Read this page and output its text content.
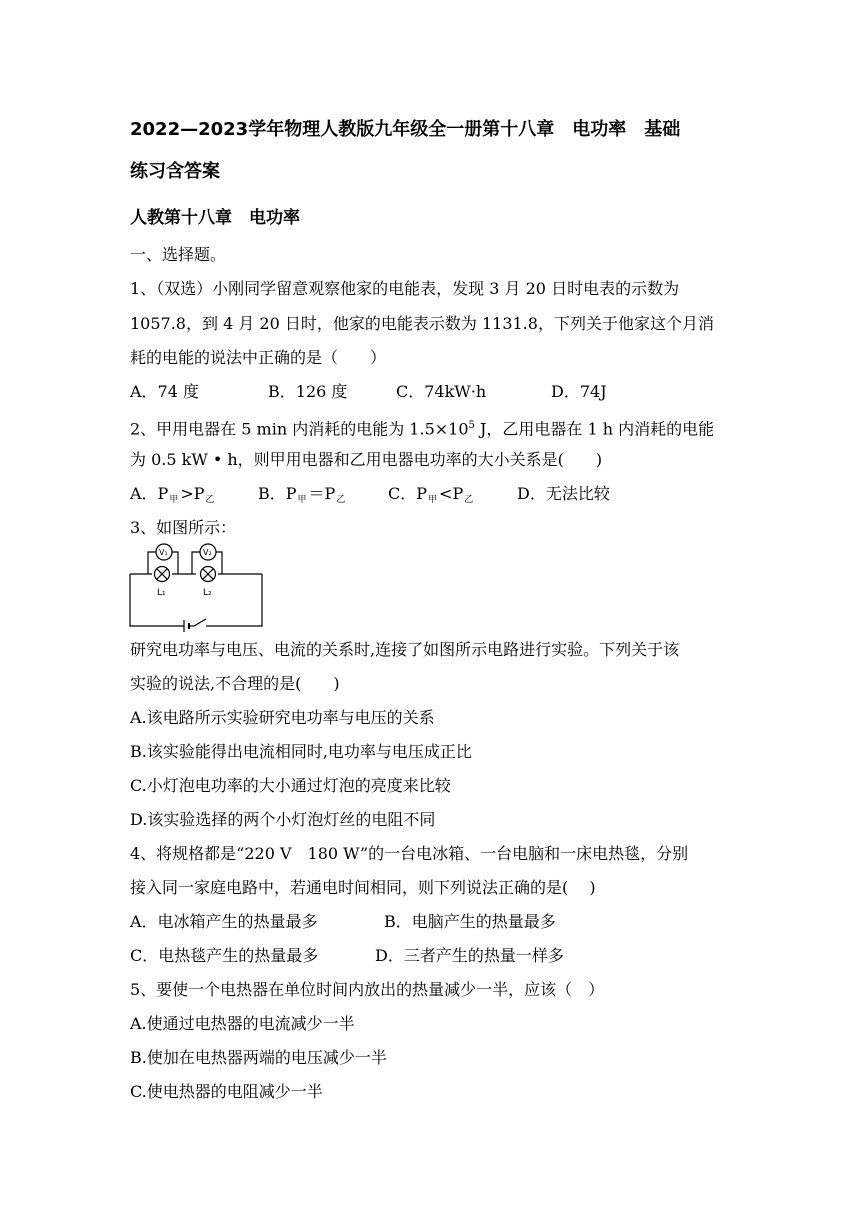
2022—2023学年物理人教版九年级全一册第十八章　电功率　基础
练习含答案
人教第十八章　电功率
一、选择题。
1、（双选）小刚同学留意观察他家的电能表，发现 3 月 20 日时电表的示数为
1057.8，到 4 月 20 日时，他家的电能表示数为 1131.8，下列关于他家这个月消
耗的电能的说法中正确的是（　　）
A．74 度	B．126 度	C．74kW·h	D．74J
2、甲用电器在 5 min 内消耗的电能为 $1.5\times 10^5$ J，乙用电器在 1 h 内消耗的电能
为 0.5 kW • h，则甲用电器和乙用电器电功率的大小关系是(　　)
A．$P_甲 >P_乙$	B．$P_甲 =P_乙$	C．$P_甲 <P_乙$	D．无法比较
3、如图所示：
V₁	V₂
L₁	L₂
研究电功率与电压、电流的关系时,连接了如图所示电路进行实验。下列关于该
实验的说法,不合理的是(　　)
A.该电路所示实验研究电功率与电压的关系
B.该实验能得出电流相同时,电功率与电压成正比
C.小灯泡电功率的大小通过灯泡的亮度来比较
D.该实验选择的两个小灯泡灯丝的电阻不同
4、将规格都是“220 V　180 W”的一台电冰箱、一台电脑和一床电热毯，分别
接入同一家庭电路中，若通电时间相同，则下列说法正确的是(　 )
A．电冰箱产生的热量最多	B．电脑产生的热量最多
C．电热毯产生的热量最多	D．三者产生的热量一样多
5、要使一个电热器在单位时间内放出的热量减少一半，应该（　）
A.使通过电热器的电流减少一半
B.使加在电热器两端的电压减少一半
C.使电热器的电阻减少一半
